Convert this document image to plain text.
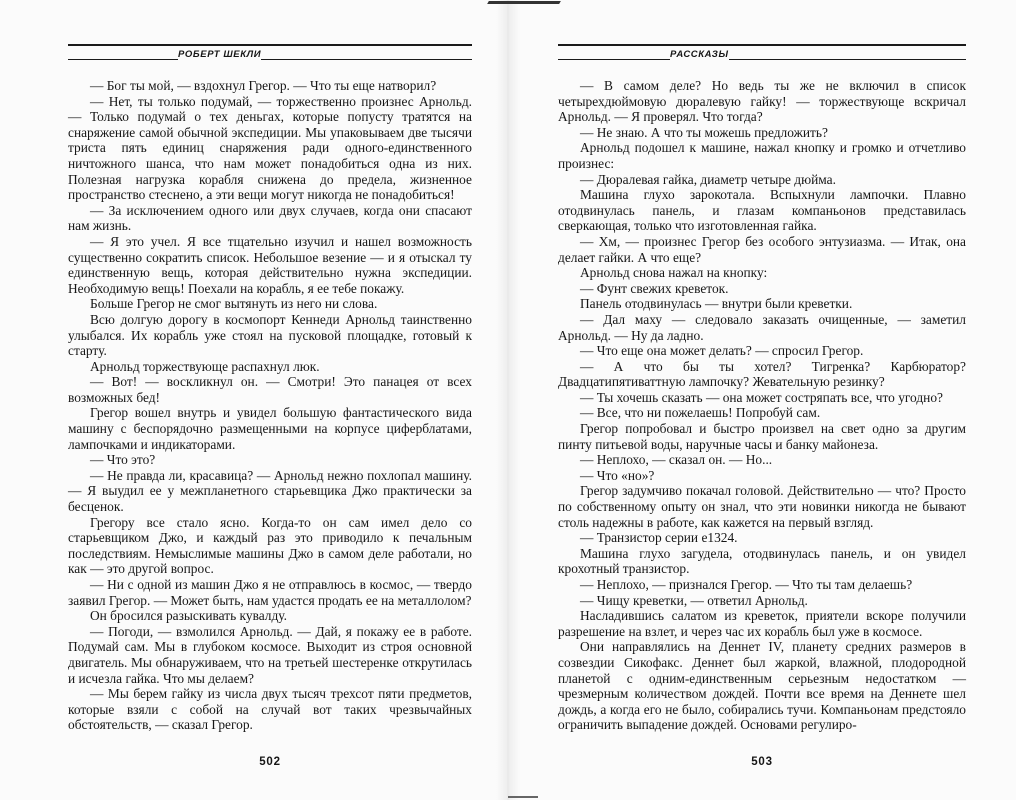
РОБЕРТ ШЕКЛИ

— Бог ты мой, — вздохнул Грегор. — Что ты еще натворил?

— Нет, ты только подумай, — торжественно произнес Арнольд. — Только подумай о тех деньгах, которые попусту тратятся на снаряжение самой обычной экспедиции. Мы упаковываем две тысячи триста пять единиц снаряжения ради одного-единственного ничтожного шанса, что нам может понадобиться одна из них. Полезная нагрузка корабля снижена до предела, жизненное пространство стеснено, а эти вещи могут никогда не понадобиться!

— За исключением одного или двух случаев, когда они спасают нам жизнь.

— Я это учел. Я все тщательно изучил и нашел возможность существенно сократить список. Небольшое везение — и я отыскал ту единственную вещь, которая действительно нужна экспедиции. Необходимую вещь! Поехали на корабль, я ее тебе покажу.

Больше Грегор не смог вытянуть из него ни слова.

Всю долгую дорогу в космопорт Кеннеди Арнольд таинственно улыбался. Их корабль уже стоял на пусковой площадке, готовый к старту.

Арнольд торжествующе распахнул люк.

— Вот! — воскликнул он. — Смотри! Это панацея от всех возможных бед!

Грегор вошел внутрь и увидел большую фантастического вида машину с беспорядочно размещенными на корпусе циферблатами, лампочками и индикаторами.

— Что это?

— Не правда ли, красавица? — Арнольд нежно похлопал машину. — Я выудил ее у межпланетного старьевщика Джо практически за бесценок.

Грегору все стало ясно. Когда-то он сам имел дело со старьевщиком Джо, и каждый раз это приводило к печальным последствиям. Немыслимые машины Джо в самом деле работали, но как — это другой вопрос.

— Ни с одной из машин Джо я не отправлюсь в космос, — твердо заявил Грегор. — Может быть, нам удастся продать ее на металлолом?

Он бросился разыскивать кувалду.

— Погоди, — взмолился Арнольд. — Дай, я покажу ее в работе. Подумай сам. Мы в глубоком космосе. Выходит из строя основной двигатель. Мы обнаруживаем, что на третьей шестеренке открутилась и исчезла гайка. Что мы делаем?

— Мы берем гайку из числа двух тысяч трехсот пяти предметов, которые взяли с собой на случай вот таких чрезвычайных обстоятельств, — сказал Грегор.

502
РАССКАЗЫ

— В самом деле? Но ведь ты же не включил в список четырехдюймовую дюралевую гайку! — торжествующе вскричал Арнольд. — Я проверял. Что тогда?

— Не знаю. А что ты можешь предложить?

Арнольд подошел к машине, нажал кнопку и громко и отчетливо произнес:

— Дюралевая гайка, диаметр четыре дюйма.

Машина глухо зарокотала. Вспыхнули лампочки. Плавно отодвинулась панель, и глазам компаньонов представилась сверкающая, только что изготовленная гайка.

— Хм, — произнес Грегор без особого энтузиазма. — Итак, она делает гайки. А что еще?

Арнольд снова нажал на кнопку:

— Фунт свежих креветок.

Панель отодвинулась — внутри были креветки.

— Дал маху — следовало заказать очищенные, — заметил Арнольд. — Ну да ладно.

— Что еще она может делать? — спросил Грегор.

— А что бы ты хотел? Тигренка? Карбюратор? Двадцатипятиваттную лампочку? Жевательную резинку?

— Ты хочешь сказать — она может состряпать все, что угодно?

— Все, что ни пожелаешь! Попробуй сам.

Грегор попробовал и быстро произвел на свет одно за другим пинту питьевой воды, наручные часы и банку майонеза.

— Неплохо, — сказал он. — Но...

— Что «но»?

Грегор задумчиво покачал головой. Действительно — что? Просто по собственному опыту он знал, что эти новинки никогда не бывают столь надежны в работе, как кажется на первый взгляд.

— Транзистор серии е1324.

Машина глухо загудела, отодвинулась панель, и он увидел крохотный транзистор.

— Неплохо, — признался Грегор. — Что ты там делаешь?

— Чищу креветки, — ответил Арнольд.

Насладившись салатом из креветок, приятели вскоре получили разрешение на взлет, и через час их корабль был уже в космосе.

Они направлялись на Деннет IV, планету средних размеров в созвездии Сикофакс. Деннет был жаркой, влажной, плодородной планетой с одним-единственным серьезным недостатком — чрезмерным количеством дождей. Почти все время на Деннете шел дождь, а когда его не было, собирались тучи. Компаньонам предстояло ограничить выпадение дождей. Основами регулиро-

503
